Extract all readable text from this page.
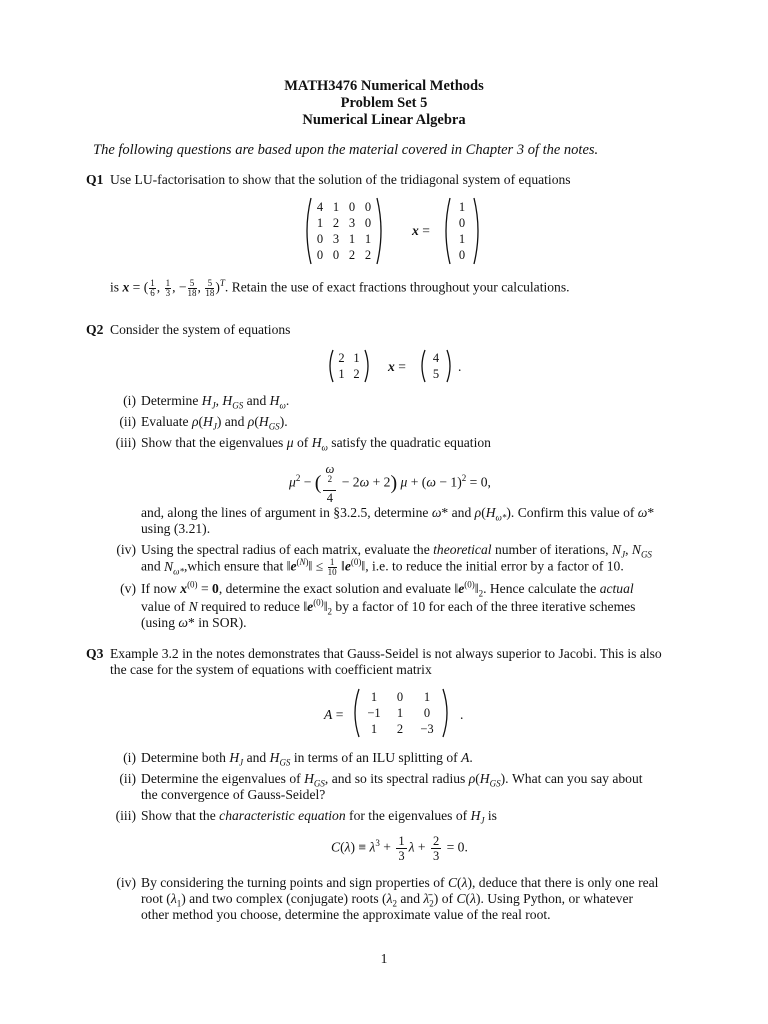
MATH3476 Numerical Methods
Problem Set 5
Numerical Linear Algebra
The following questions are based upon the material covered in Chapter 3 of the notes.
Q1 Use LU-factorisation to show that the solution of the tridiagonal system of equations
4 1 0 0
1 2 3 0
0 3 1 1
0 0 2 2
x =
1
0
1
0
is x = ( $\frac{1}{6}$ , $\frac{1}{3}$ , − $\frac{5}{18}$ , $\frac{5}{18} )^T$. Retain the use of exact fractions throughout your calculations.
Q2 Consider the system of equations
2 1
1 2	x =
4
5	.
(i) Determine $H_J$, $H_{GS}$ and $H_\omega$.
(ii) Evaluate $\rho(H_J)$ and $\rho(H_{GS})$.
(iii) Show that the eigenvalues μ of $H_\omega$ satisfy the quadratic equation
$\mu^2$ − ( ω
$^2$
4 − 2ω + 2) $\mu + (\omega - 1)^2 = 0$,
and, along the lines of argument in §3.2.5, determine ω* and $\rho(H_{\omega*})$. Confirm this value of ω*
using (3.21).
(iv) Using the spectral radius of each matrix, evaluate the theoretical number of iterations, $N_J$, $N_{GS}$
and $N_{\omega*},which$ ensure that $‖e^{(N)}‖ \le \frac{1}{10}$ $‖e^{(0)}‖$, i.e. to reduce the initial error by a factor of 10.
(v) If now $x^{(0)} = 0$, determine the exact solution and evaluate $‖e^{(0)}‖_2$. Hence calculate the actual
value of N required to reduce $‖e^{(0)}‖_2$ by a factor of 10 for each of the three iterative schemes
(using ω* in SOR).
Q3 Example 3.2 in the notes demonstrates that Gauss-Seidel is not always superior to Jacobi. This is also
the case for the system of equations with coefficient matrix
A =
1	0	1
−1	1	0
1	2	−3
.
(i) Determine both $H_J$ and $H_{GS}$ in terms of an ILU splitting of A.
(ii) Determine the eigenvalues of $H_{GS}$, and so its spectral radius $\rho(H_{GS})$. What can you say about
the convergence of Gauss-Seidel?
(iii) Show that the characteristic equation for the eigenvalues of $H_J$ is
$C(\lambda) \equiv \lambda^3 + \frac{1}{3}$ $\lambda + \frac{2}{3} = 0$.
(iv) By considering the turning points and sign properties of C(λ), deduce that there is only one real
root $(\lambda_1)$ and two complex (conjugate) roots ($\lambda_2$ and $\lambdā_2$) of C(λ). Using Python, or whatever
other method you choose, determine the approximate value of the real root.
1
